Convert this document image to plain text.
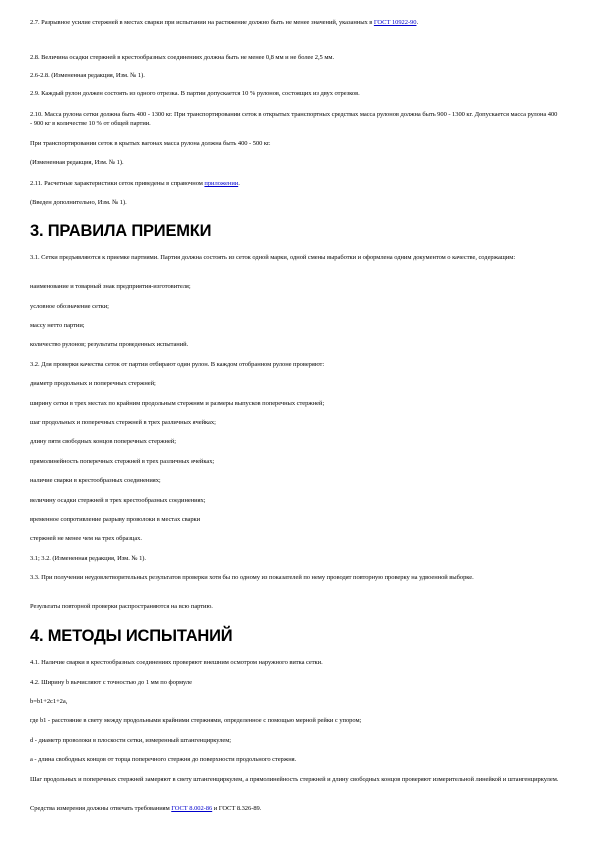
2.7. Разрывное усилие стержней в местах сварки при испытании на растяжение должно быть не менее значений, указанных в ГОСТ 10922-90.

2.8. Величина осадки стержней в крестообразных соединениях должна быть не менее 0,8 мм и не более 2,5 мм.

2.6-2.8. (Измененная редакция, Изм. № 1).

2.9. Каждый рулон должен состоять из одного отрезка. В партии допускается 10 % рулонов, состоящих из двух отрезков.

2.10. Масса рулона сетки должна быть 400 - 1300 кг. При транспортировании сеток в открытых транспортных средствах масса рулонов должна быть 900 - 1300 кг. Допускается масса рулона 400 - 900 кг в количестве 10 % от общей партии.

При транспортировании сеток в крытых вагонах масса рулона должна быть 400 - 500 кг.

(Измененная редакция, Изм. № 1).

2.11. Расчетные характеристики сеток приведены в справочном приложении.

(Введен дополнительно, Изм. № 1).

3. ПРАВИЛА ПРИЕМКИ

3.1. Сетки предъявляются к приемке партиями. Партия должна состоять из сеток одной марки, одной смены выработки и оформлена одним документом о качестве, содержащим:

наименование и товарный знак предприятия-изготовителя;

условное обозначение сетки;

массу нетто партии;

количество рулонов; результаты проведенных испытаний.

3.2. Для проверки качества сеток от партии отбирают один рулон. В каждом отобранном рулоне проверяют:

диаметр продольных и поперечных стержней;

ширину сетки в трех местах по крайним продольным стержням и размеры выпусков поперечных стержней;

шаг продольных и поперечных стержней в трех различных ячейках;

длину пяти свободных концов поперечных стержней;

прямолинейность поперечных стержней в трех различных ячейках;

наличие сварки в крестообразных соединениях;

величину осадки стержней в трех крестообразных соединениях;

временное сопротивление разрыву проволоки в местах сварки

стержней не менее чем на трех образцах.

3.1; 3.2. (Измененная редакция, Изм. № 1).

3.3. При получении неудовлетворительных результатов проверки хотя бы по одному из показателей по нему проводят повторную проверку на удвоенной выборке.

Результаты повторной проверки распространяются на всю партию.

4. МЕТОДЫ ИСПЫТАНИЙ

4.1. Наличие сварки в крестообразных соединениях проверяют внешним осмотром наружного витка сетки.

4.2. Ширину b вычисляют с точностью до 1 мм по формуле

b=b1+2c1+2a,

где b1 - расстояние в свету между продольными крайними стержнями, определенное с помощью мерной рейки с упором;

d - диаметр проволоки в плоскости сетки, измеренный штангенциркулем;

a - длина свободных концов от торца поперечного стержня до поверхности продольного стержня.

Шаг продольных и поперечных стержней замеряют в свету штангенциркулем, а прямолинейность стержней и длину свободных концов проверяют измерительной линейкой и штангенциркулем.

Средства измерения должны отвечать требованиям ГОСТ 8.002-86 и ГОСТ 8.326-89.
